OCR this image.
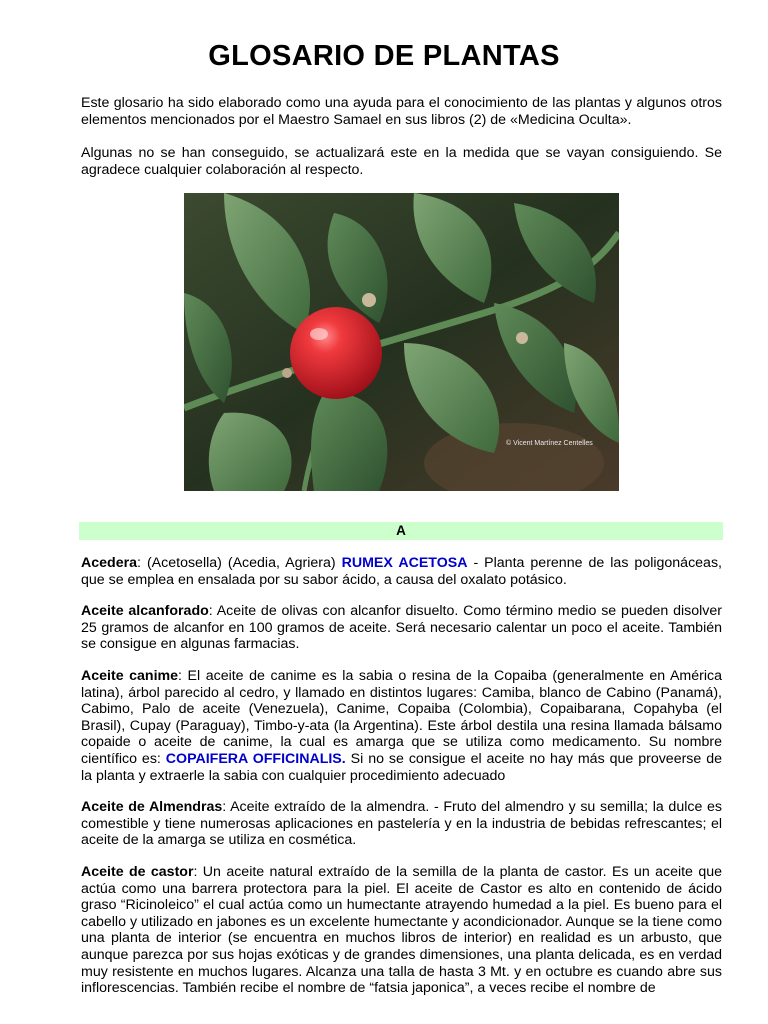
GLOSARIO DE PLANTAS

Este glosario ha sido elaborado como una ayuda para el conocimiento de las plantas y algunos otros elementos mencionados por el Maestro Samael en sus libros (2) de «Medicina Oculta».

Algunas no se han conseguido, se actualizará este en la medida que se vayan consiguiendo. Se agradece cualquier colaboración al respecto.

© Vicent Martínez Centelles
A

Acedera: (Acetosella) (Acedia, Agriera) RUMEX ACETOSA - Planta perenne de las poligonáceas, que se emplea en ensalada por su sabor ácido, a causa del oxalato potásico.

Aceite alcanforado: Aceite de olivas con alcanfor disuelto. Como término medio se pueden disolver 25 gramos de alcanfor en 100 gramos de aceite. Será necesario calentar un poco el aceite. También se consigue en algunas farmacias.

Aceite canime: El aceite de canime es la sabia o resina de la Copaiba (generalmente en América latina), árbol parecido al cedro, y llamado en distintos lugares: Camiba, blanco de Cabino (Panamá), Cabimo, Palo de aceite (Venezuela), Canime, Copaiba (Colombia), Copaibarana, Copahyba (el Brasil), Cupay (Paraguay), Timbo-y-ata (la Argentina). Este árbol destila una resina llamada bálsamo copaide o aceite de canime, la cual es amarga que se utiliza como medicamento. Su nombre científico es: COPAIFERA OFFICINALIS. Si no se consigue el aceite no hay más que proveerse de la planta y extraerle la sabia con cualquier procedimiento adecuado

Aceite de Almendras: Aceite extraído de la almendra. - Fruto del almendro y su semilla; la dulce es comestible y tiene numerosas aplicaciones en pastelería y en la industria de bebidas refrescantes; el aceite de la amarga se utiliza en cosmética.

Aceite de castor: Un aceite natural extraído de la semilla de la planta de castor. Es un aceite que actúa como una barrera protectora para la piel. El aceite de Castor es alto en contenido de ácido graso “Ricinoleico” el cual actúa como un humectante atrayendo humedad a la piel. Es bueno para el cabello y utilizado en jabones es un excelente humectante y acondicionador. Aunque se la tiene como una planta de interior (se encuentra en muchos libros de interior) en realidad es un arbusto, que aunque parezca por sus hojas exóticas y de grandes dimensiones, una planta delicada, es en verdad muy resistente en muchos lugares. Alcanza una talla de hasta 3 Mt. y en octubre es cuando abre sus inflorescencias. También recibe el nombre de “fatsia japonica”, a veces recibe el nombre de
